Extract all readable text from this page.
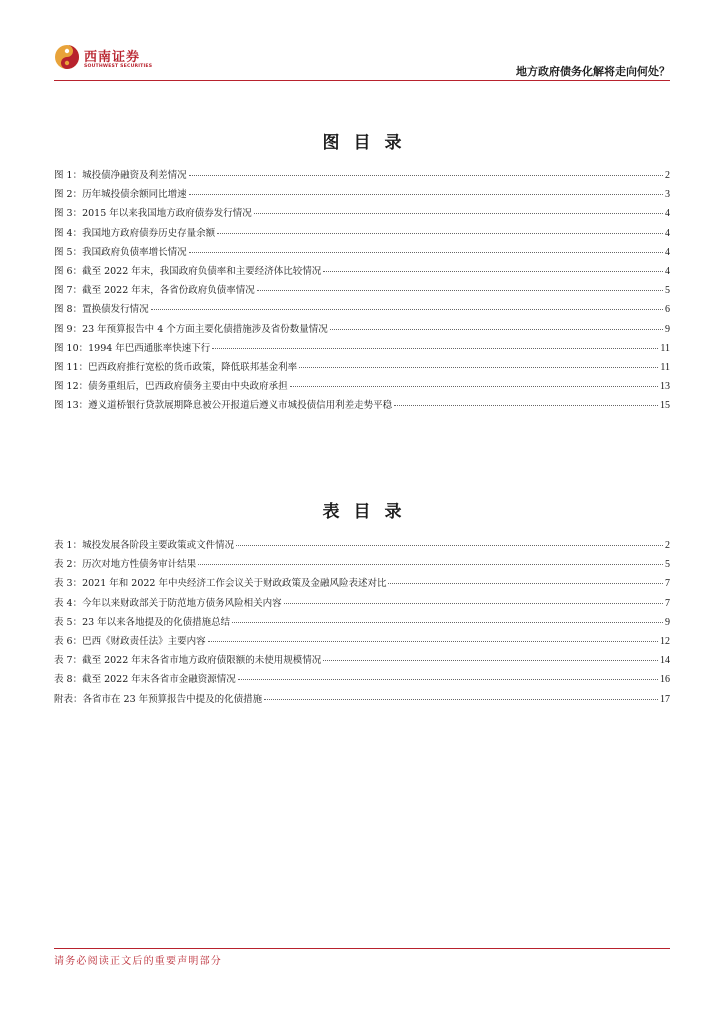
西南证券
SOUTHWEST SECURITIES	地方政府债务化解将走向何处？
图目录
图 1：城投债净融资及利差情况	2
图 2：历年城投债余额同比增速	3
图 3：2015 年以来我国地方政府债券发行情况	4
图 4：我国地方政府债券历史存量余额	4
图 5：我国政府负债率增长情况	4
图 6：截至 2022 年末，我国政府负债率和主要经济体比较情况	4
图 7：截至 2022 年末，各省份政府负债率情况	5
图 8：置换债发行情况	6
图 9：23 年预算报告中 4 个方面主要化债措施涉及省份数量情况	9
图 10：1994 年巴西通胀率快速下行	11
图 11：巴西政府推行宽松的货币政策，降低联邦基金利率	11
图 12：债务重组后，巴西政府债务主要由中央政府承担	13
图 13：遵义道桥银行贷款展期降息被公开报道后遵义市城投债信用利差走势平稳	15
表目录
表 1：城投发展各阶段主要政策或文件情况	2
表 2：历次对地方性债务审计结果	5
表 3：2021 年和 2022 年中央经济工作会议关于财政政策及金融风险表述对比	7
表 4：今年以来财政部关于防范地方债务风险相关内容	7
表 5：23 年以来各地提及的化债措施总结	9
表 6：巴西《财政责任法》主要内容	12
表 7：截至 2022 年末各省市地方政府债限额的未使用规模情况	14
表 8：截至 2022 年末各省市金融资源情况	16
附表：各省市在 23 年预算报告中提及的化债措施	17
请务必阅读正文后的重要声明部分
